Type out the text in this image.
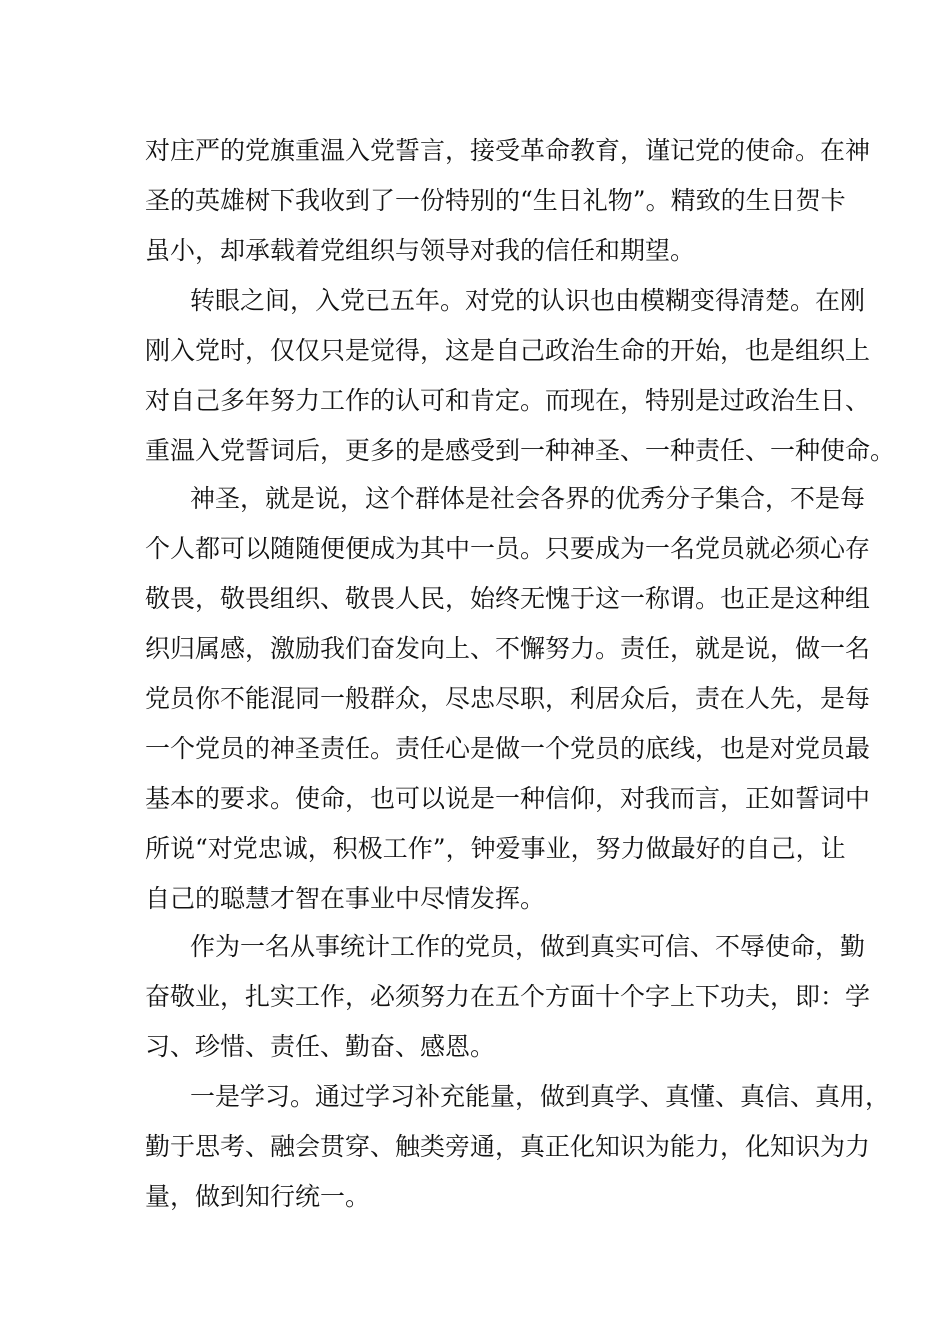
对庄严的党旗重温入党誓言，接受革命教育，谨记党的使命。在神
圣的英雄树下我收到了一份特别的“生日礼物”。精致的生日贺卡
虽小，却承载着党组织与领导对我的信任和期望。
转眼之间，入党已五年。对党的认识也由模糊变得清楚。在刚
刚入党时，仅仅只是觉得，这是自己政治生命的开始，也是组织上
对自己多年努力工作的认可和肯定。而现在，特别是过政治生日、
重温入党誓词后，更多的是感受到一种神圣、一种责任、一种使命。
神圣，就是说，这个群体是社会各界的优秀分子集合，不是每
个人都可以随随便便成为其中一员。只要成为一名党员就必须心存
敬畏，敬畏组织、敬畏人民，始终无愧于这一称谓。也正是这种组
织归属感，激励我们奋发向上、不懈努力。责任，就是说，做一名
党员你不能混同一般群众，尽忠尽职，利居众后，责在人先，是每
一个党员的神圣责任。责任心是做一个党员的底线，也是对党员最
基本的要求。使命，也可以说是一种信仰，对我而言，正如誓词中
所说“对党忠诚，积极工作”，钟爱事业，努力做最好的自己，让
自己的聪慧才智在事业中尽情发挥。
作为一名从事统计工作的党员，做到真实可信、不辱使命，勤
奋敬业，扎实工作，必须努力在五个方面十个字上下功夫，即：学
习、珍惜、责任、勤奋、感恩。
一是学习。通过学习补充能量，做到真学、真懂、真信、真用，
勤于思考、融会贯穿、触类旁通，真正化知识为能力，化知识为力
量，做到知行统一。
